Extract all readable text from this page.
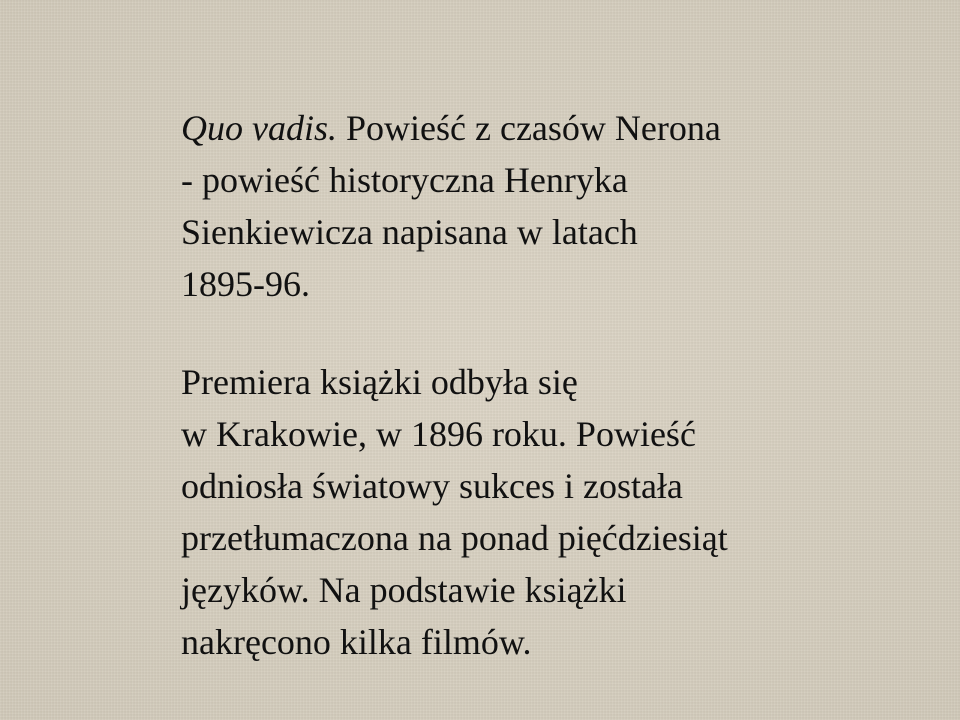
Quo vadis. Powieść z czasów Nerona
- powieść historyczna Henryka
Sienkiewicza napisana w latach
1895-96.

Premiera książki odbyła się
w Krakowie, w 1896 roku. Powieść
odniosła światowy sukces i została
przetłumaczona na ponad pięćdziesiąt
języków. Na podstawie książki
nakręcono kilka filmów.
